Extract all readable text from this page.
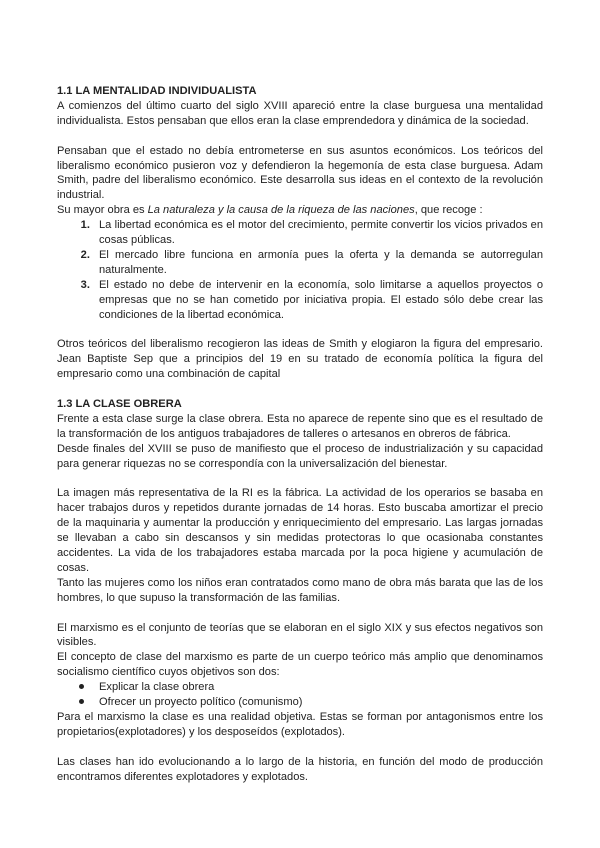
1.1 LA MENTALIDAD INDIVIDUALISTA

A comienzos del último cuarto del siglo XVIII apareció entre la clase burguesa una mentalidad individualista. Estos pensaban que ellos eran la clase emprendedora y dinámica de la sociedad.

Pensaban que el estado no debía entrometerse en sus asuntos económicos. Los teóricos del liberalismo económico pusieron voz y defendieron la hegemonía de esta clase burguesa. Adam Smith, padre del liberalismo económico. Este desarrolla sus ideas en el contexto de la revolución industrial.

Su mayor obra es La naturaleza y la causa de la riqueza de las naciones, que recoge :

1. La libertad económica es el motor del crecimiento, permite convertir los vicios privados en cosas públicas.
2. El mercado libre funciona en armonía pues la oferta y la demanda se autorregulan naturalmente.
3. El estado no debe de intervenir en la economía, solo limitarse a aquellos proyectos o empresas que no se han cometido por iniciativa propia. El estado sólo debe crear las condiciones de la libertad económica.

Otros teóricos del liberalismo recogieron las ideas de Smith y elogiaron la figura del empresario. Jean Baptiste Sep que a principios del 19 en su tratado de economía política la figura del empresario como una combinación de capital

1.3 LA CLASE OBRERA

Frente a esta clase surge la clase obrera. Esta no aparece de repente sino que es el resultado de la transformación de los antiguos trabajadores de talleres o artesanos en obreros de fábrica.

Desde finales del XVIII se puso de manifiesto que el proceso de industrialización y su capacidad para generar riquezas no se correspondía con la universalización del bienestar.

La imagen más representativa de la RI es la fábrica. La actividad de los operarios se basaba en hacer trabajos duros y repetidos durante jornadas de 14 horas. Esto buscaba amortizar el precio de la maquinaria y aumentar la producción y enriquecimiento del empresario. Las largas jornadas se llevaban a cabo sin descansos y sin medidas protectoras lo que ocasionaba constantes accidentes. La vida de los trabajadores estaba marcada por la poca higiene y acumulación de cosas.

Tanto las mujeres como los niños eran contratados como mano de obra más barata que las de los hombres, lo que supuso la transformación de las familias.

El marxismo es el conjunto de teorías que se elaboran en el siglo XIX y sus efectos negativos son visibles.

El concepto de clase del marxismo es parte de un cuerpo teórico más amplio que denominamos socialismo científico cuyos objetivos son dos:

Explicar la clase obrera
Ofrecer un proyecto político (comunismo)

Para el marxismo la clase es una realidad objetiva. Estas se forman por antagonismos entre los propietarios(explotadores) y los desposeídos (explotados).

Las clases han ido evolucionando a lo largo de la historia, en función del modo de producción encontramos diferentes explotadores y explotados.
